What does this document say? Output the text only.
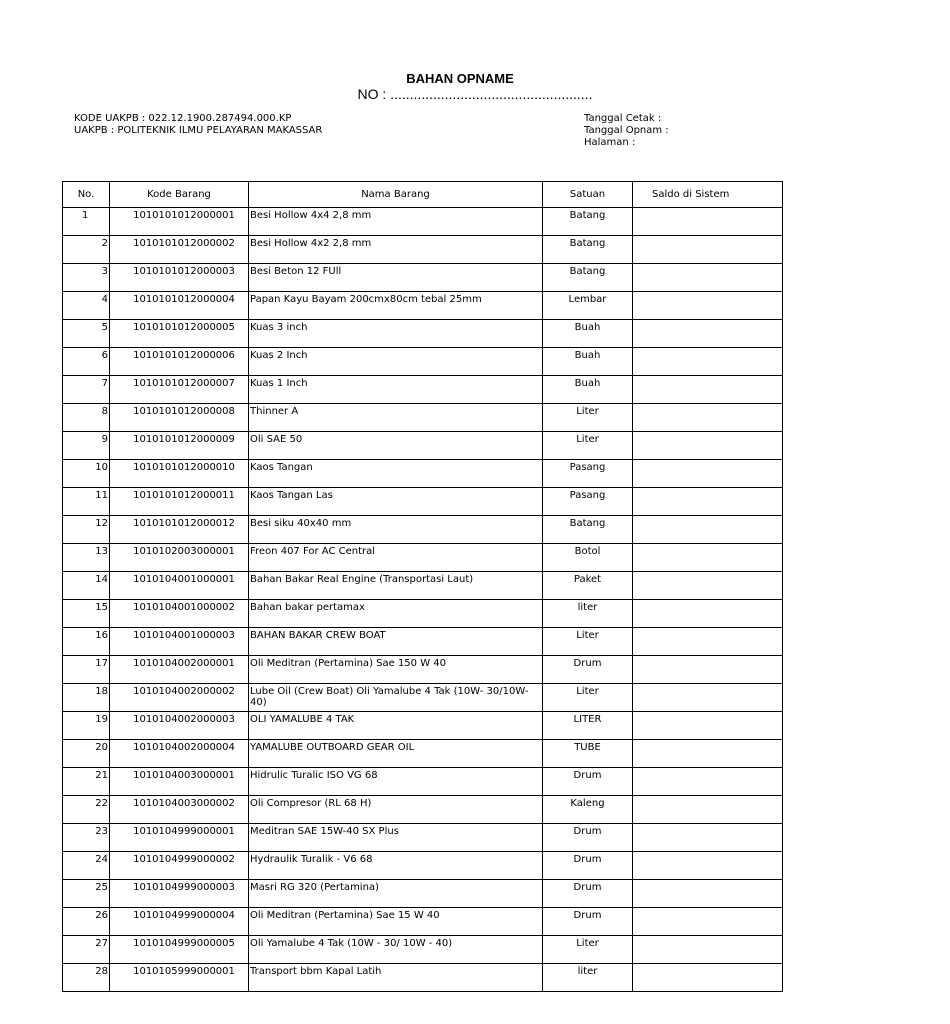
BAHAN OPNAME
NO : ....................................................
KODE UAKPB : 022.12.1900.287494.000.KP
UAKPB : POLITEKNIK ILMU PELAYARAN MAKASSAR
Tanggal Cetak :
Tanggal Opnam :
Halaman :
No.	Kode Barang	Nama Barang	Satuan	Saldo di Sistem
1	1010101012000001	Besi Hollow 4x4 2,8 mm	Batang	
2	1010101012000002	Besi Hollow 4x2 2,8 mm	Batang	
3	1010101012000003	Besi Beton 12 FUll	Batang	
4	1010101012000004	Papan Kayu Bayam 200cmx80cm tebal 25mm	Lembar	
5	1010101012000005	Kuas 3 inch	Buah	
6	1010101012000006	Kuas 2 Inch	Buah	
7	1010101012000007	Kuas 1 Inch	Buah	
8	1010101012000008	Thinner A	Liter	
9	1010101012000009	Oli SAE 50	Liter	
10	1010101012000010	Kaos Tangan	Pasang	
11	1010101012000011	Kaos Tangan Las	Pasang	
12	1010101012000012	Besi siku 40x40 mm	Batang	
13	1010102003000001	Freon 407 For AC Central	Botol	
14	1010104001000001	Bahan Bakar Real Engine (Transportasi Laut)	Paket	
15	1010104001000002	Bahan bakar pertamax	liter	
16	1010104001000003	BAHAN BAKAR CREW BOAT	Liter	
17	1010104002000001	Oli Meditran (Pertamina) Sae 150 W 40	Drum	
18	1010104002000002	Lube Oil (Crew Boat) Oli Yamalube 4 Tak (10W- 30/10W-40)	Liter	
19	1010104002000003	OLI YAMALUBE 4 TAK	LITER	
20	1010104002000004	YAMALUBE OUTBOARD GEAR OIL	TUBE	
21	1010104003000001	Hidrulic Turalic ISO VG 68	Drum	
22	1010104003000002	Oli Compresor (RL 68 H)	Kaleng	
23	1010104999000001	Meditran SAE 15W-40 SX Plus	Drum	
24	1010104999000002	Hydraulik Turalik - V6 68	Drum	
25	1010104999000003	Masri RG 320 (Pertamina)	Drum	
26	1010104999000004	Oli Meditran (Pertamina) Sae 15 W 40	Drum	
27	1010104999000005	Oli Yamalube 4 Tak (10W - 30/ 10W - 40)	Liter	
28	1010105999000001	Transport bbm Kapal Latih	liter	
